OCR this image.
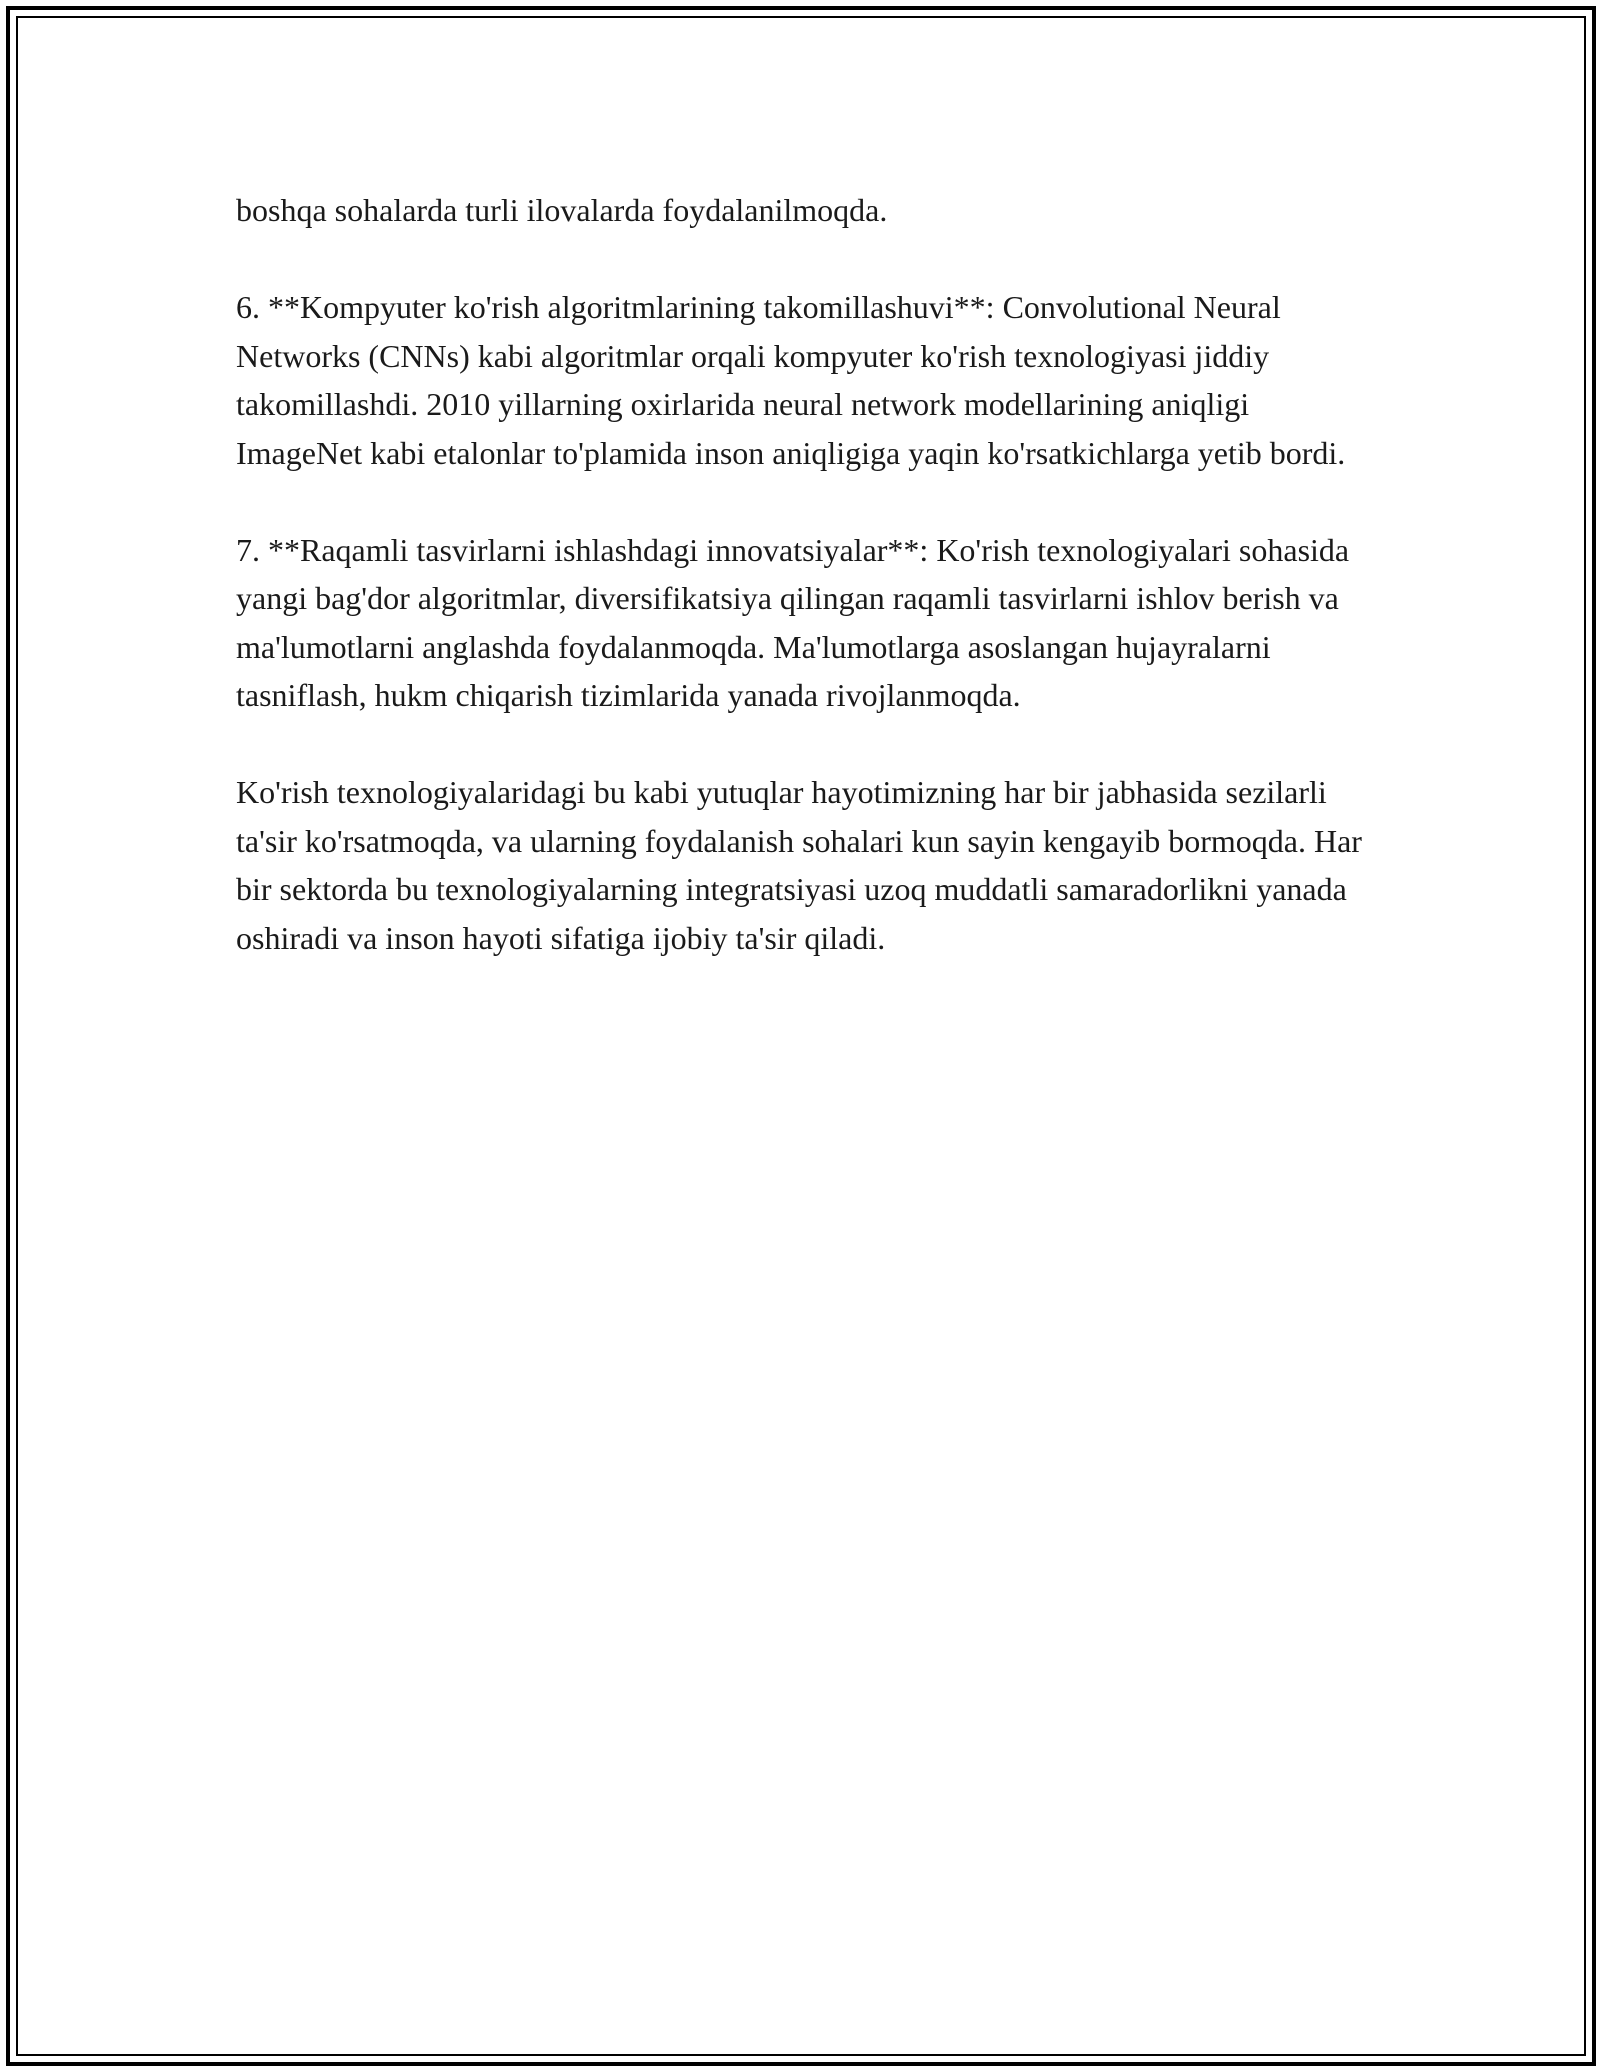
boshqa sohalarda turli ilovalarda foydalanilmoqda.

6. **Kompyuter ko'rish algoritmlarining takomillashuvi**: Convolutional Neural Networks (CNNs) kabi algoritmlar orqali kompyuter ko'rish texnologiyasi jiddiy takomillashdi. 2010 yillarning oxirlarida neural network modellarining aniqligi ImageNet kabi etalonlar to'plamida inson aniqligiga yaqin ko'rsatkichlarga yetib bordi.

7. **Raqamli tasvirlarni ishlashdagi innovatsiyalar**: Ko'rish texnologiyalari sohasida yangi bag'dor algoritmlar, diversifikatsiya qilingan raqamli tasvirlarni ishlov berish va ma'lumotlarni anglashda foydalanmoqda. Ma'lumotlarga asoslangan hujayralarni tasniflash, hukm chiqarish tizimlarida yanada rivojlanmoqda.

Ko'rish texnologiyalaridagi bu kabi yutuqlar hayotimizning har bir jabhasida sezilarli ta'sir ko'rsatmoqda, va ularning foydalanish sohalari kun sayin kengayib bormoqda. Har bir sektorda bu texnologiyalarning integratsiyasi uzoq muddatli samaradorlikni yanada oshiradi va inson hayoti sifatiga ijobiy ta'sir qiladi.
